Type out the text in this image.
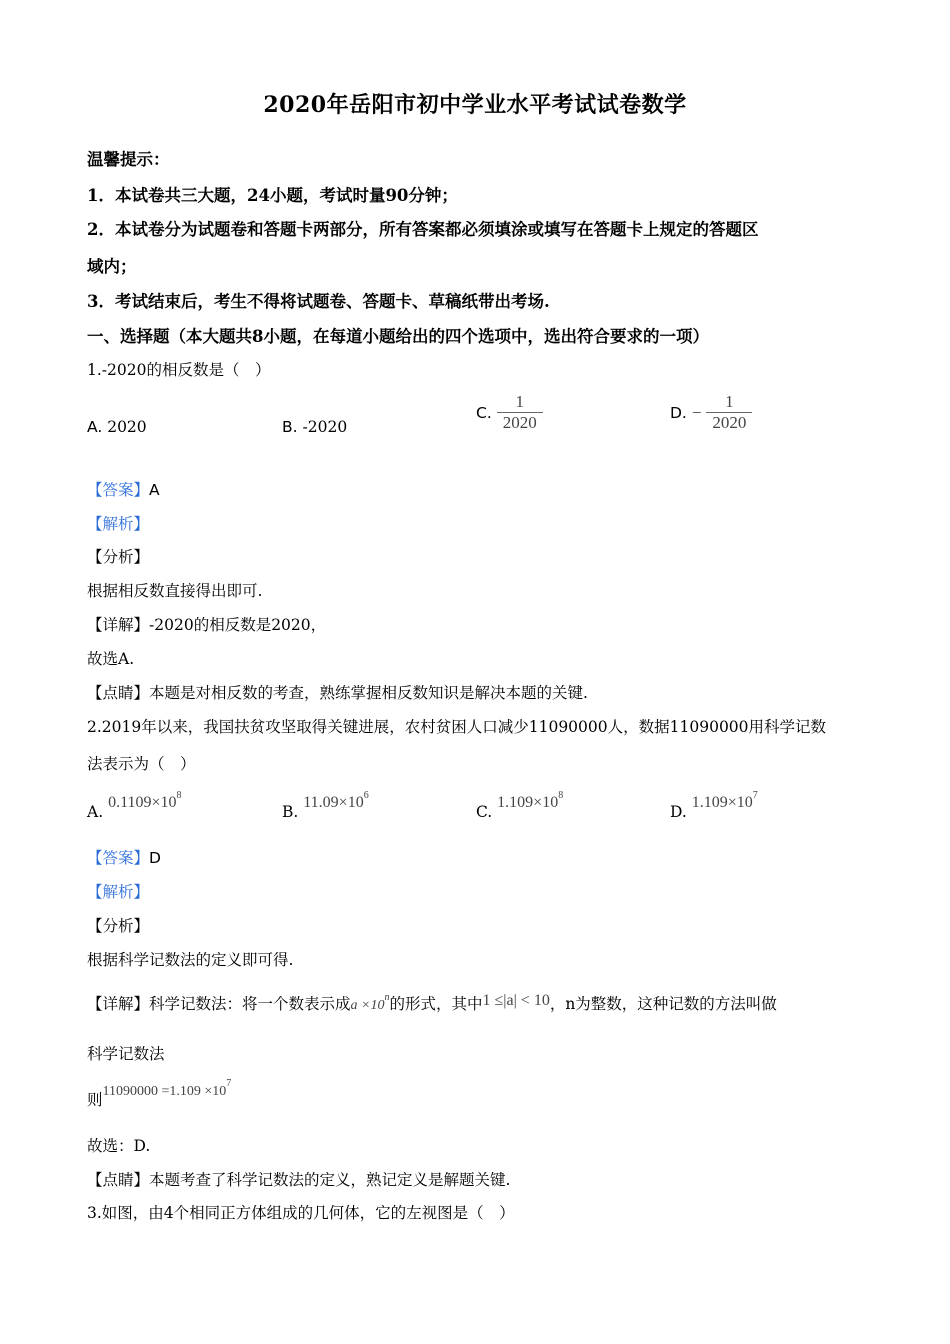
2020年岳阳市初中学业水平考试试卷数学
温馨提示：
1．本试卷共三大题，24小题，考试时量90分钟；
2．本试卷分为试题卷和答题卡两部分，所有答案都必须填涂或填写在答题卡上规定的答题区
域内；
3．考试结束后，考生不得将试题卷、答题卡、草稿纸带出考场.
一、选择题（本大题共8小题，在每道小题给出的四个选项中，选出符合要求的一项）
1.-2020的相反数是（　）
A. 2020	B. -2020
C. $\frac{1}{2020}$	D. − $\frac{1}{2020}$
【答案】A
【解析】
【分析】
根据相反数直接得出即可.
【详解】-2020的相反数是2020，
故选A.
【点睛】本题是对相反数的考查，熟练掌握相反数知识是解决本题的关键.
2.2019年以来，我国扶贫攻坚取得关键进展，农村贫困人口减少11090000人，数据11090000用科学记数
法表示为（　）
A. $0.1109\times 10^8$
B. $11.09\times 10^6$
C. $1.109\times 10^8$
D. $1.109\times 10^7$
【答案】D
【解析】
【分析】
根据科学记数法的定义即可得.
【详解】科学记数法：将一个数表示成$a \times 10^n$的形式，其中1 ≤|a| < 10，n为整数，这种记数的方法叫做
科学记数法
则$11090000 =1.109 \times 10^7$
故选：D.
【点睛】本题考查了科学记数法的定义，熟记定义是解题关键.
3.如图，由4个相同正方体组成的几何体，它的左视图是（　）
